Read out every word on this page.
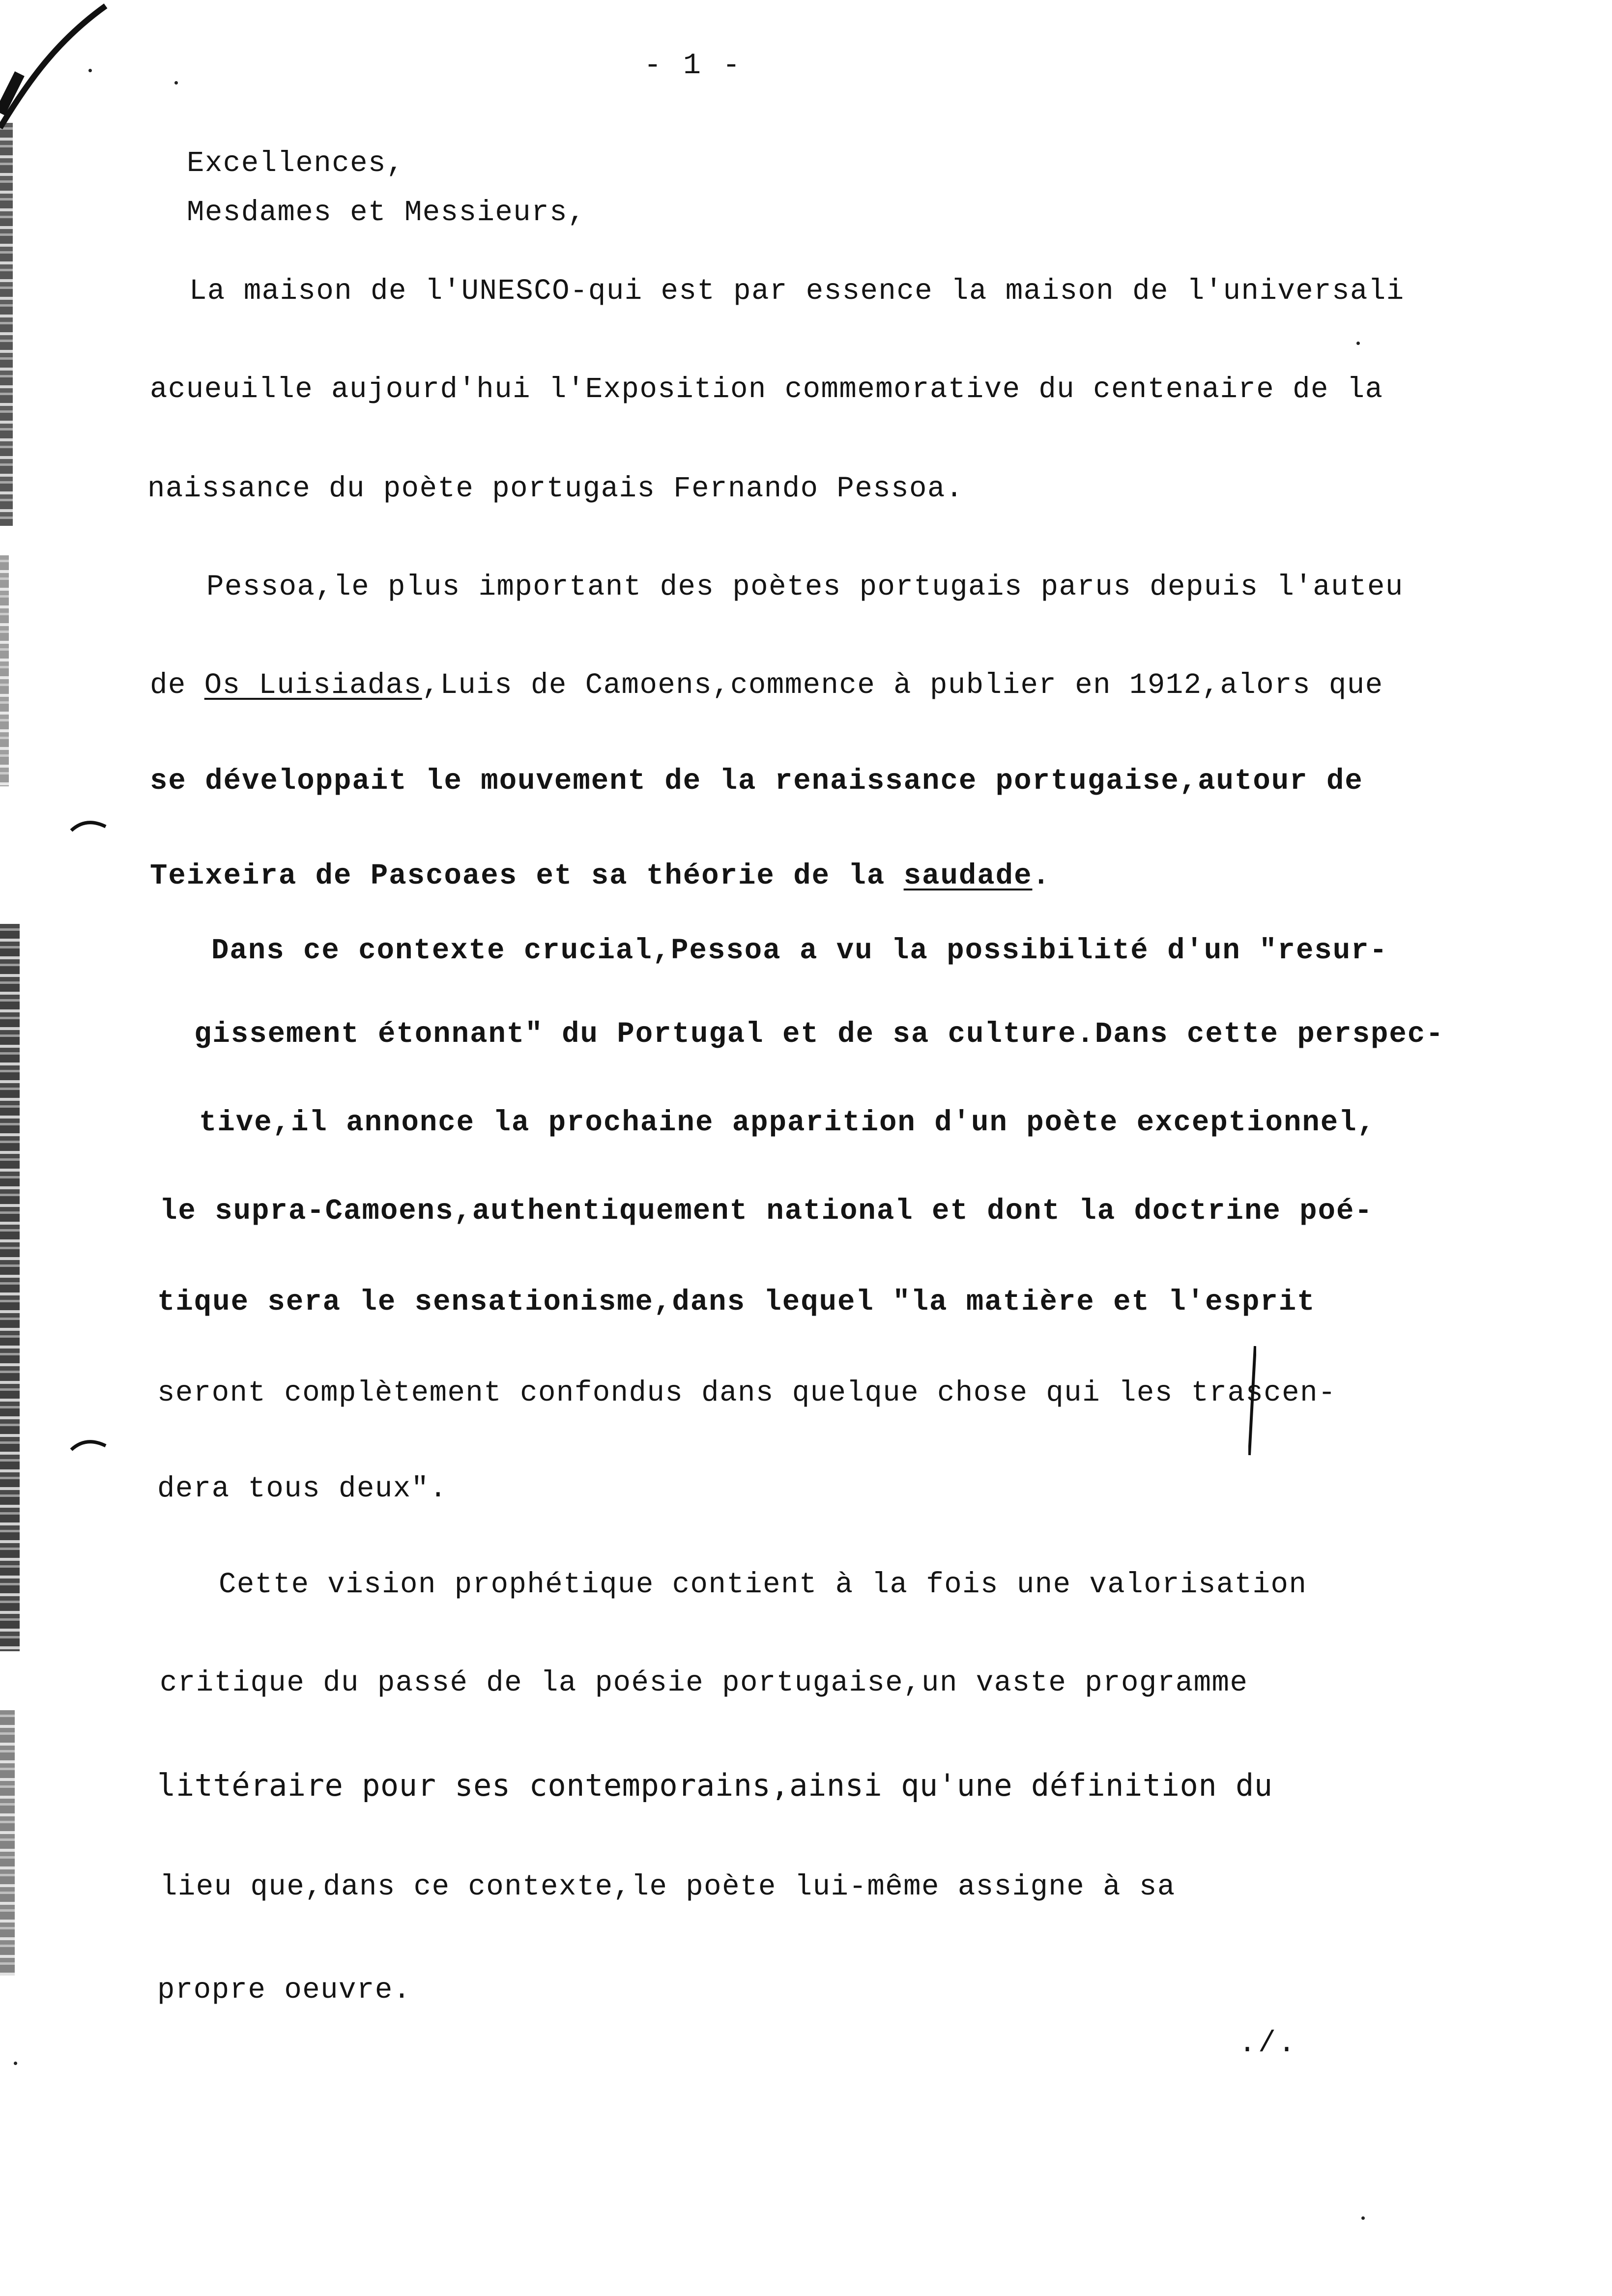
- 1 -
Excellences,
Mesdames et Messieurs,
La maison de l'UNESCO-qui est par essence la maison de l'universali
acueuille aujourd'hui l'Exposition commemorative du centenaire de la
naissance du poète portugais Fernando Pessoa.
Pessoa,le plus important des poètes portugais parus depuis l'auteu
de Os Luisiadas,Luis de Camoens,commence à publier en 1912,alors que
se développait le mouvement de la renaissance portugaise,autour de
Teixeira de Pascoaes et sa théorie de la saudade.
Dans ce contexte crucial,Pessoa a vu la possibilité d'un "resur-
gissement étonnant" du Portugal et de sa culture.Dans cette perspec-
tive,il annonce la prochaine apparition d'un poète exceptionnel,
le supra-Camoens,authentiquement national et dont la doctrine poé-
tique sera le sensationisme,dans lequel "la matière et l'esprit
seront complètement confondus dans quelque chose qui les trascen-
dera tous deux".
Cette vision prophétique contient à la fois une valorisation
critique du passé de la poésie portugaise,un vaste programme
littéraire pour ses contemporains,ainsi qu'une définition du
lieu que,dans ce contexte,le poète lui-même assigne à sa
propre oeuvre.
./.
